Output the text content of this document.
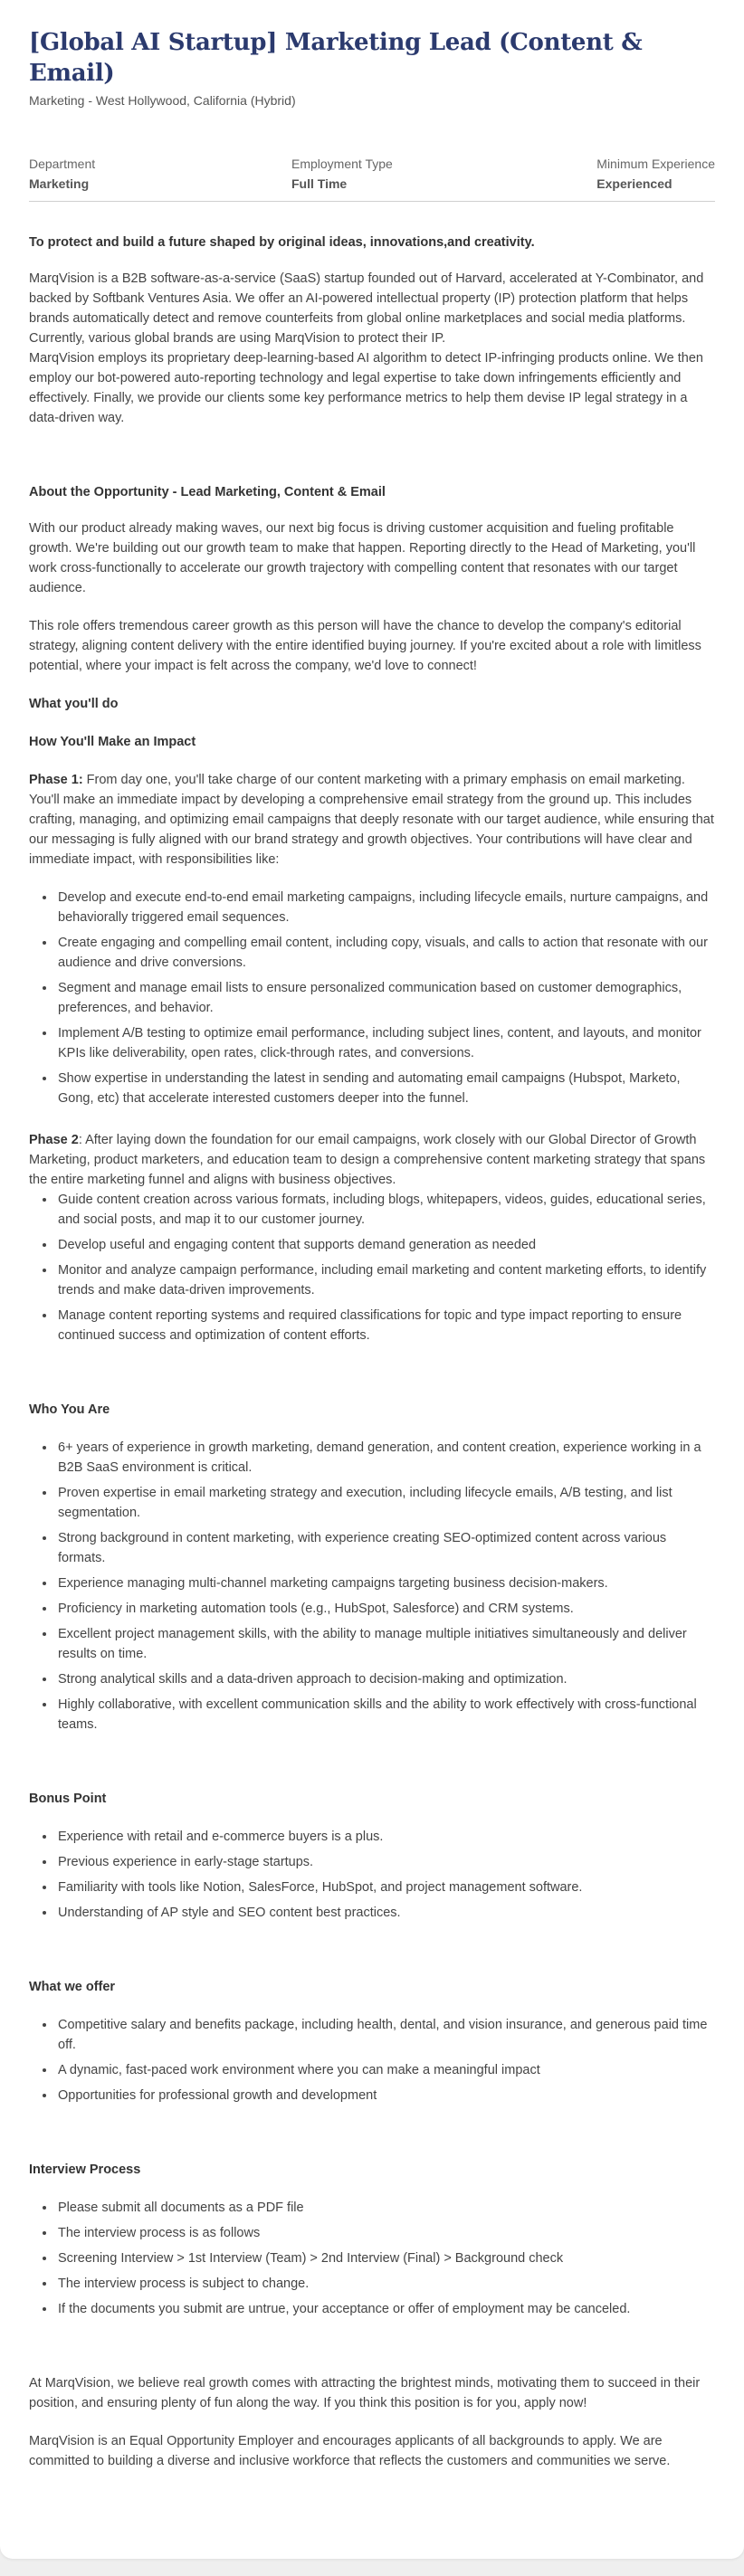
[Global AI Startup] Marketing Lead (Content & Email)
Marketing - West Hollywood, California (Hybrid)
Department
Marketing
Employment Type
Full Time
Minimum Experience
Experienced

To protect and build a future shaped by original ideas, innovations,and creativity.

MarqVision is a B2B software-as-a-service (SaaS) startup founded out of Harvard, accelerated at Y-Combinator, and backed by Softbank Ventures Asia. We offer an AI-powered intellectual property (IP) protection platform that helps brands automatically detect and remove counterfeits from global online marketplaces and social media platforms. Currently, various global brands are using MarqVision to protect their IP.

MarqVision employs its proprietary deep-learning-based AI algorithm to detect IP-infringing products online. We then employ our bot-powered auto-reporting technology and legal expertise to take down infringements efficiently and effectively. Finally, we provide our clients some key performance metrics to help them devise IP legal strategy in a data-driven way.

About the Opportunity - Lead Marketing, Content & Email

With our product already making waves, our next big focus is driving customer acquisition and fueling profitable growth. We're building out our growth team to make that happen. Reporting directly to the Head of Marketing, you'll work cross-functionally to accelerate our growth trajectory with compelling content that resonates with our target audience.

This role offers tremendous career growth as this person will have the chance to develop the company's editorial strategy, aligning content delivery with the entire identified buying journey. If you're excited about a role with limitless potential, where your impact is felt across the company, we'd love to connect!

What you'll do

How You'll Make an Impact

Phase 1: From day one, you'll take charge of our content marketing with a primary emphasis on email marketing. You'll make an immediate impact by developing a comprehensive email strategy from the ground up. This includes crafting, managing, and optimizing email campaigns that deeply resonate with our target audience, while ensuring that our messaging is fully aligned with our brand strategy and growth objectives. Your contributions will have clear and immediate impact, with responsibilities like:

• Develop and execute end-to-end email marketing campaigns, including lifecycle emails, nurture campaigns, and behaviorally triggered email sequences.
• Create engaging and compelling email content, including copy, visuals, and calls to action that resonate with our audience and drive conversions.
• Segment and manage email lists to ensure personalized communication based on customer demographics, preferences, and behavior.
• Implement A/B testing to optimize email performance, including subject lines, content, and layouts, and monitor KPIs like deliverability, open rates, click-through rates, and conversions.
• Show expertise in understanding the latest in sending and automating email campaigns (Hubspot, Marketo, Gong, etc) that accelerate interested customers deeper into the funnel.

Phase 2: After laying down the foundation for our email campaigns, work closely with our Global Director of Growth Marketing, product marketers, and education team to design a comprehensive content marketing strategy that spans the entire marketing funnel and aligns with business objectives.

• Guide content creation across various formats, including blogs, whitepapers, videos, guides, educational series, and social posts, and map it to our customer journey.
• Develop useful and engaging content that supports demand generation as needed
• Monitor and analyze campaign performance, including email marketing and content marketing efforts, to identify trends and make data-driven improvements.
• Manage content reporting systems and required classifications for topic and type impact reporting to ensure continued success and optimization of content efforts.

Who You Are

• 6+ years of experience in growth marketing, demand generation, and content creation, experience working in a B2B SaaS environment is critical.
• Proven expertise in email marketing strategy and execution, including lifecycle emails, A/B testing, and list segmentation.
• Strong background in content marketing, with experience creating SEO-optimized content across various formats.
• Experience managing multi-channel marketing campaigns targeting business decision-makers.
• Proficiency in marketing automation tools (e.g., HubSpot, Salesforce) and CRM systems.
• Excellent project management skills, with the ability to manage multiple initiatives simultaneously and deliver results on time.
• Strong analytical skills and a data-driven approach to decision-making and optimization.
• Highly collaborative, with excellent communication skills and the ability to work effectively with cross-functional teams.

Bonus Point

• Experience with retail and e-commerce buyers is a plus.
• Previous experience in early-stage startups.
• Familiarity with tools like Notion, SalesForce, HubSpot, and project management software.
• Understanding of AP style and SEO content best practices.

What we offer

• Competitive salary and benefits package, including health, dental, and vision insurance, and generous paid time off.
• A dynamic, fast-paced work environment where you can make a meaningful impact
• Opportunities for professional growth and development

Interview Process

• Please submit all documents as a PDF file
• The interview process is as follows
• Screening Interview > 1st Interview (Team) > 2nd Interview (Final) > Background check
• The interview process is subject to change.
• If the documents you submit are untrue, your acceptance or offer of employment may be canceled.

At MarqVision, we believe real growth comes with attracting the brightest minds, motivating them to succeed in their position, and ensuring plenty of fun along the way. If you think this position is for you, apply now!

MarqVision is an Equal Opportunity Employer and encourages applicants of all backgrounds to apply. We are committed to building a diverse and inclusive workforce that reflects the customers and communities we serve.
